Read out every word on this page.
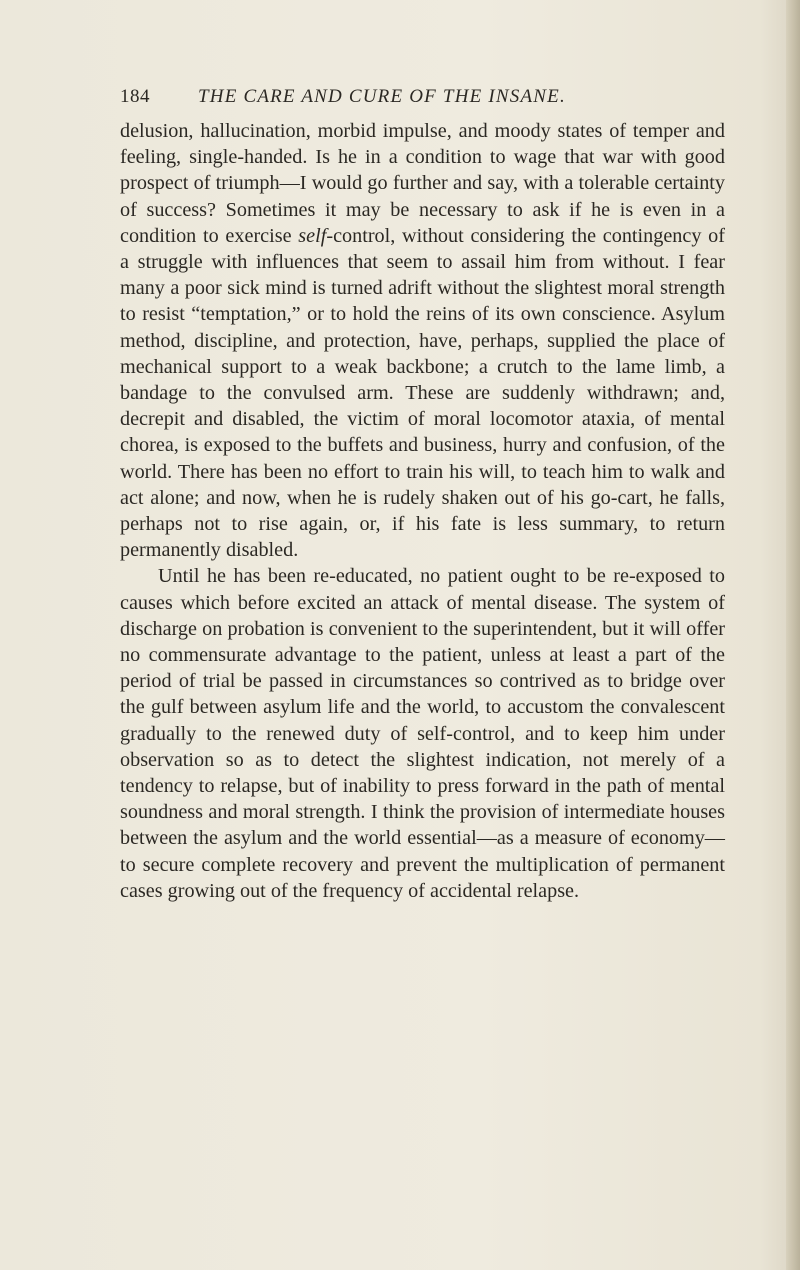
184	THE CARE AND CURE OF THE INSANE.

delusion, hallucination, morbid impulse, and moody states of temper and feeling, single-handed. Is he in a condition to wage that war with good prospect of triumph—I would go further and say, with a tolerable certainty of success? Sometimes it may be necessary to ask if he is even in a condition to exercise self-control, without considering the contingency of a struggle with influences that seem to assail him from without. I fear many a poor sick mind is turned adrift without the slightest moral strength to resist “temptation,” or to hold the reins of its own conscience. Asylum method, discipline, and protection, have, perhaps, supplied the place of mechanical support to a weak backbone; a crutch to the lame limb, a bandage to the convulsed arm. These are suddenly withdrawn; and, decrepit and disabled, the victim of moral locomotor ataxia, of mental chorea, is exposed to the buffets and business, hurry and confusion, of the world. There has been no effort to train his will, to teach him to walk and act alone; and now, when he is rudely shaken out of his go-cart, he falls, perhaps not to rise again, or, if his fate is less summary, to return permanently disabled.

Until he has been re-educated, no patient ought to be re-exposed to causes which before excited an attack of mental disease. The system of discharge on probation is convenient to the superintendent, but it will offer no commensurate advantage to the patient, unless at least a part of the period of trial be passed in circumstances so contrived as to bridge over the gulf between asylum life and the world, to accustom the convalescent gradually to the renewed duty of self-control, and to keep him under observation so as to detect the slightest indication, not merely of a tendency to relapse, but of inability to press forward in the path of mental soundness and moral strength. I think the provision of intermediate houses between the asylum and the world essential—as a measure of economy—to secure complete recovery and prevent the multiplication of permanent cases growing out of the frequency of accidental relapse.
